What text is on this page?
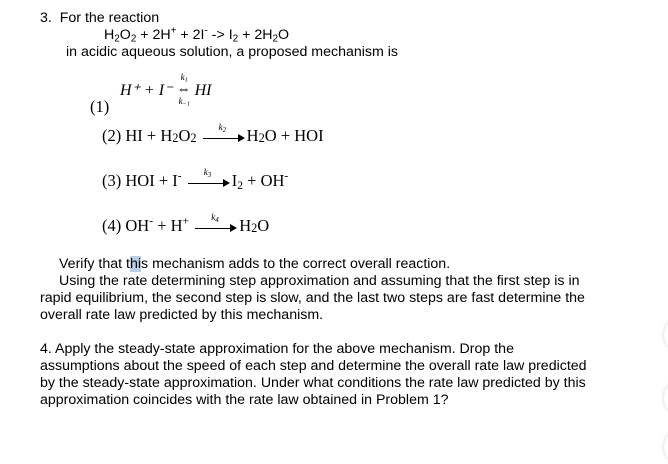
3. For the reaction
$H_2O_2 + 2H^+ + 2I^- -> I_2 + 2H_2O$
in acidic aqueous solution, a proposed mechanism is
(1)
H⁺ + I⁻ ⇔
$k_1$
$k_{-1}$
HI
(2) HI + $H_2O_2$
$k_2$ $H_2O$ + HOI
(3) HOI + I- $k_3$ $I_2 + OH^-$
(4) OH- + H+ $k_4$ $H_2O$
Verify that this mechanism adds to the correct overall reaction.
Using the rate determining step approximation and assuming that the first step is in
rapid equilibrium, the second step is slow, and the last two steps are fast determine the
overall rate law predicted by this mechanism.
4. Apply the steady-state approximation for the above mechanism. Drop the
assumptions about the speed of each step and determine the overall rate law predicted
by the steady-state approximation. Under what conditions the rate law predicted by this
approximation coincides with the rate law obtained in Problem 1?
